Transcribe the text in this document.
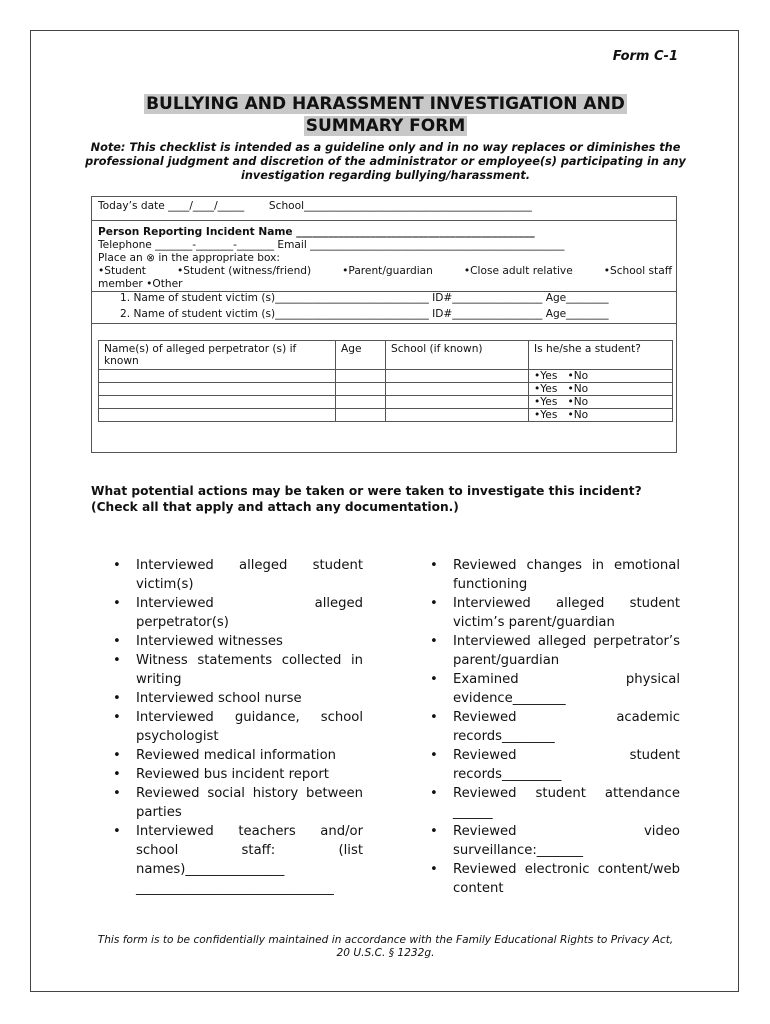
Form C-1
BULLYING AND HARASSMENT INVESTIGATION AND
SUMMARY FORM
Note: This checklist is intended as a guideline only and in no way replaces or diminishes the professional judgment and discretion of the administrator or employee(s) participating in any investigation regarding bullying/harassment.
Today’s date ____/____/_____ School___________________________________________
Person Reporting Incident Name _____________________________________________
Telephone _______-_______-_______ Email ________________________________________________
Place an ⊗ in the appropriate box:
•Student	•Student (witness/friend)	•Parent/guardian	•Close adult relative	•School staff
member •Other
1. Name of student victim (s)_____________________________ ID#_________________ Age________
2. Name of student victim (s)_____________________________ ID#_________________ Age________
Name(s) of alleged perpetrator (s) if known	Age	School (if known)	Is he/she a student?
			•Yes •No
			•Yes •No
			•Yes •No
			•Yes •No
What potential actions may be taken or were taken to investigate this incident? (Check all that apply and attach any documentation.)
• Interviewed alleged student victim(s)
• Interviewed alleged perpetrator(s)
• Interviewed witnesses
• Witness statements collected in writing
• Interviewed school nurse
• Interviewed guidance, school psychologist
• Reviewed medical information
• Reviewed bus incident report
• Reviewed social history between parties
• Interviewed teachers and/or school staff: (list names)_______________ ______________________________
• Reviewed changes in emotional functioning
• Interviewed alleged student victim’s parent/guardian
• Interviewed alleged perpetrator’s parent/guardian
• Examined physical evidence________
• Reviewed academic records________
• Reviewed student records_________
• Reviewed student attendance ______
• Reviewed video surveillance:_______
• Reviewed electronic content/web content
This form is to be confidentially maintained in accordance with the Family Educational Rights to Privacy Act, 20 U.S.C. § 1232g.
